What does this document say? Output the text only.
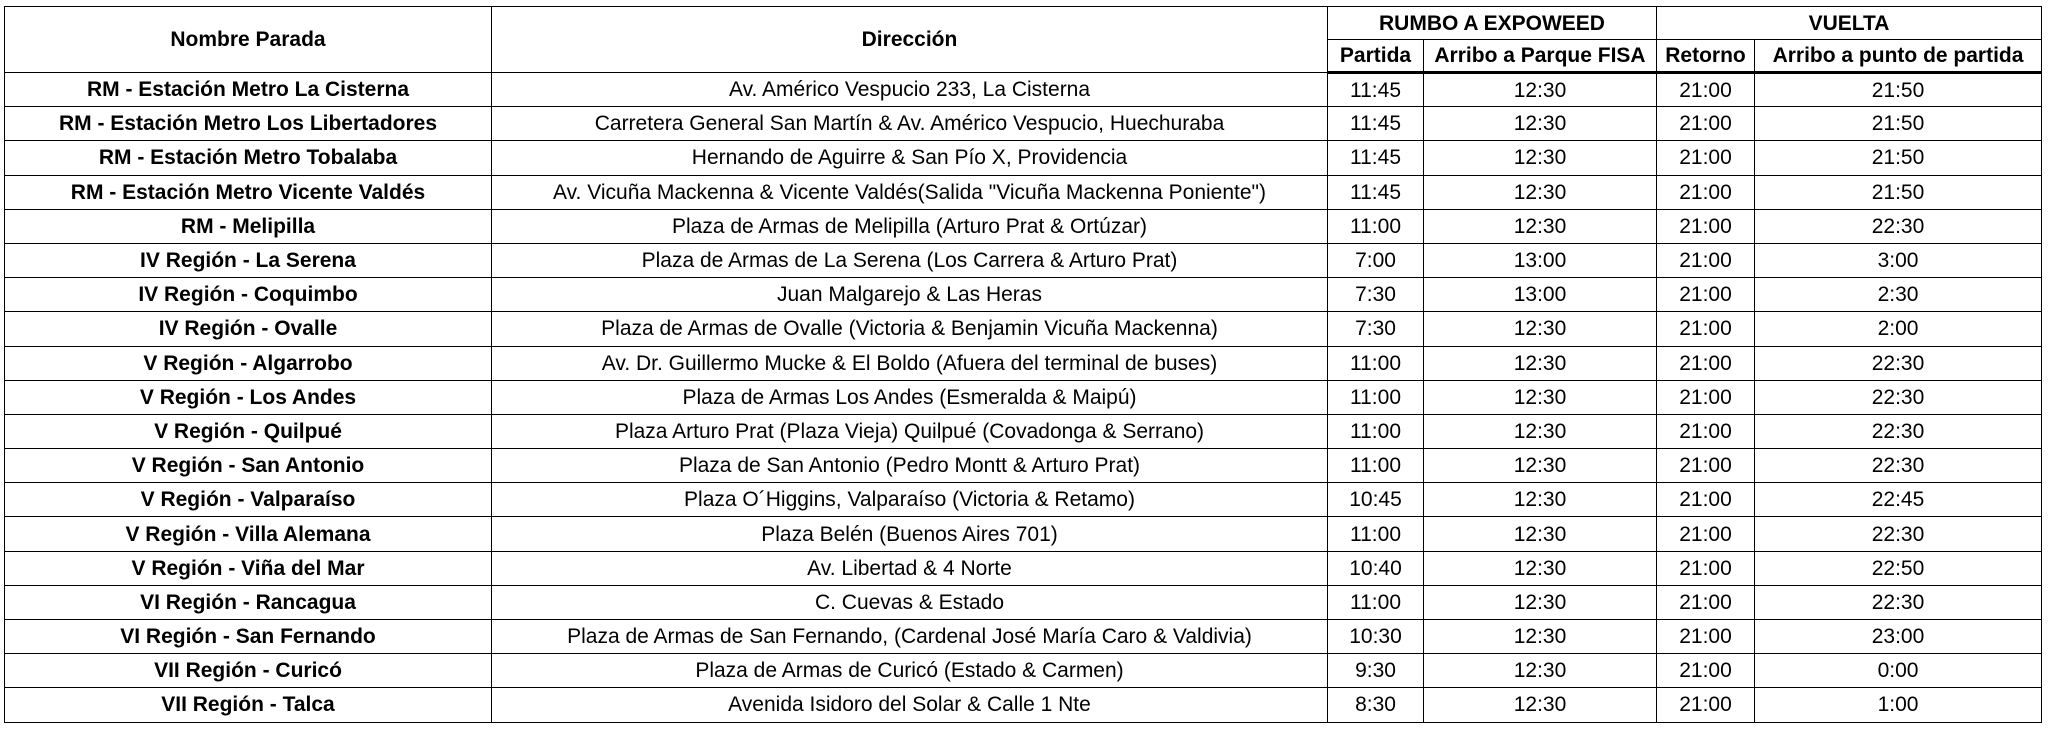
Nombre Parada	Dirección	RUMBO A EXPOWEED		VUELTA	
		Partida	Arribo a Parque FISA	Retorno	Arribo a punto de partida
RM - Estación Metro La Cisterna	Av. Américo Vespucio 233, La Cisterna	11:45	12:30	21:00	21:50
RM - Estación Metro Los Libertadores	Carretera General San Martín & Av. Américo Vespucio, Huechuraba	11:45	12:30	21:00	21:50
RM - Estación Metro Tobalaba	Hernando de Aguirre & San Pío X, Providencia	11:45	12:30	21:00	21:50
RM - Estación Metro Vicente Valdés	Av. Vicuña Mackenna & Vicente Valdés(Salida "Vicuña Mackenna Poniente")	11:45	12:30	21:00	21:50
RM - Melipilla	Plaza de Armas de Melipilla (Arturo Prat & Ortúzar)	11:00	12:30	21:00	22:30
IV Región - La Serena	Plaza de Armas de La Serena (Los Carrera & Arturo Prat)	7:00	13:00	21:00	3:00
IV Región - Coquimbo	Juan Malgarejo & Las Heras	7:30	13:00	21:00	2:30
IV Región - Ovalle	Plaza de Armas de Ovalle (Victoria & Benjamin Vicuña Mackenna)	7:30	12:30	21:00	2:00
V Región - Algarrobo	Av. Dr. Guillermo Mucke & El Boldo (Afuera del terminal de buses)	11:00	12:30	21:00	22:30
V Región - Los Andes	Plaza de Armas Los Andes (Esmeralda & Maipú)	11:00	12:30	21:00	22:30
V Región - Quilpué	Plaza Arturo Prat (Plaza Vieja) Quilpué (Covadonga & Serrano)	11:00	12:30	21:00	22:30
V Región - San Antonio	Plaza de San Antonio (Pedro Montt & Arturo Prat)	11:00	12:30	21:00	22:30
V Región - Valparaíso	Plaza O´Higgins, Valparaíso (Victoria & Retamo)	10:45	12:30	21:00	22:45
V Región - Villa Alemana	Plaza Belén (Buenos Aires 701)	11:00	12:30	21:00	22:30
V Región - Viña del Mar	Av. Libertad & 4 Norte	10:40	12:30	21:00	22:50
VI Región - Rancagua	C. Cuevas & Estado	11:00	12:30	21:00	22:30
VI Región - San Fernando	Plaza de Armas de San Fernando, (Cardenal José María Caro & Valdivia)	10:30	12:30	21:00	23:00
VII Región - Curicó	Plaza de Armas de Curicó (Estado & Carmen)	9:30	12:30	21:00	0:00
VII Región - Talca	Avenida Isidoro del Solar & Calle 1 Nte	8:30	12:30	21:00	1:00
